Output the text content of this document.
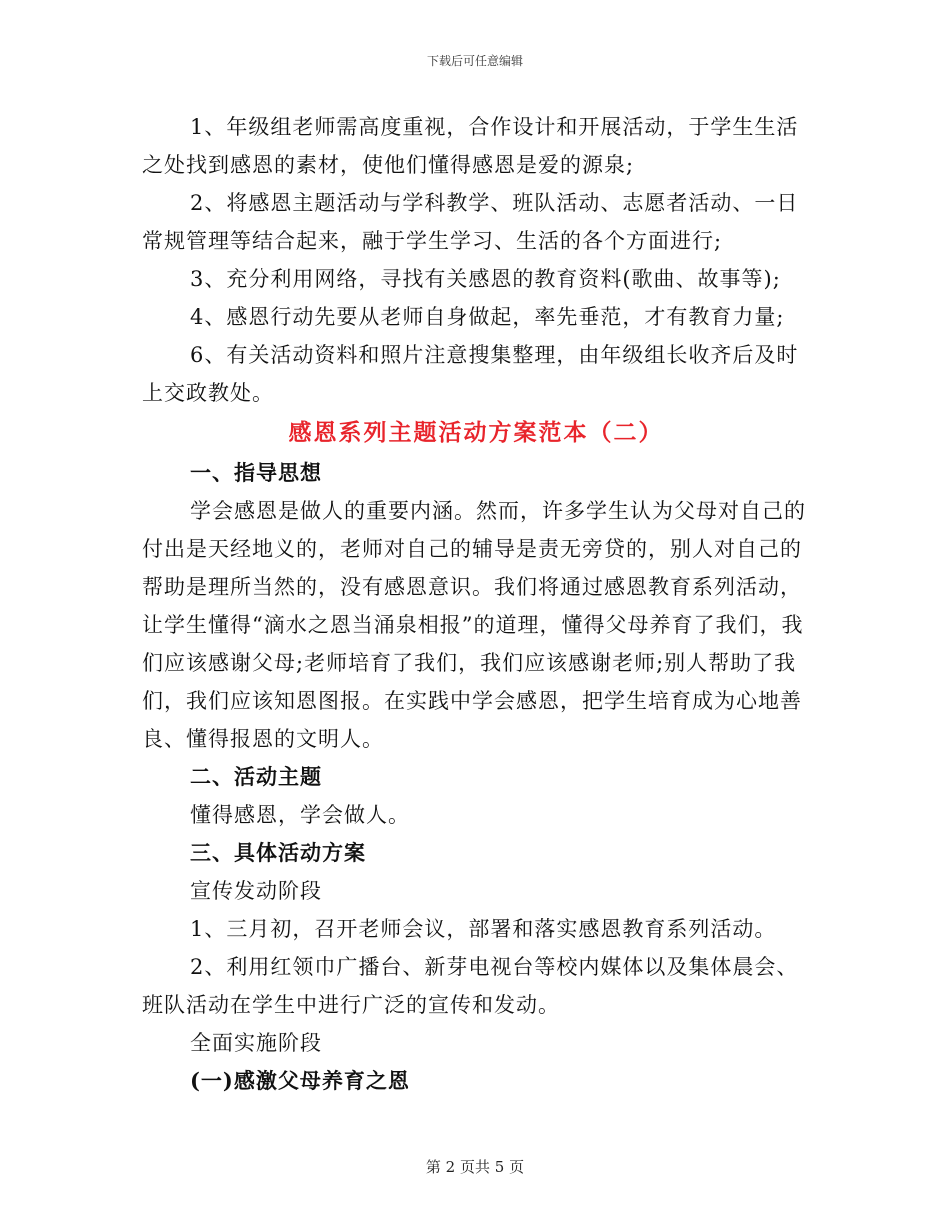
下载后可任意编辑

1、年级组老师需高度重视，合作设计和开展活动，于学生生活之处找到感恩的素材，使他们懂得感恩是爱的源泉;

2、将感恩主题活动与学科教学、班队活动、志愿者活动、一日常规管理等结合起来，融于学生学习、生活的各个方面进行;

3、充分利用网络，寻找有关感恩的教育资料(歌曲、故事等);

4、感恩行动先要从老师自身做起，率先垂范，才有教育力量;

6、有关活动资料和照片注意搜集整理，由年级组长收齐后及时上交政教处。

感恩系列主题活动方案范本（二）

一、指导思想

学会感恩是做人的重要内涵。然而，许多学生认为父母对自己的付出是天经地义的，老师对自己的辅导是责无旁贷的，别人对自己的帮助是理所当然的，没有感恩意识。我们将通过感恩教育系列活动，让学生懂得“滴水之恩当涌泉相报”的道理，懂得父母养育了我们，我们应该感谢父母;老师培育了我们，我们应该感谢老师;别人帮助了我们，我们应该知恩图报。在实践中学会感恩，把学生培育成为心地善良、懂得报恩的文明人。

二、活动主题

懂得感恩，学会做人。

三、具体活动方案

宣传发动阶段

1、三月初，召开老师会议，部署和落实感恩教育系列活动。

2、利用红领巾广播台、新芽电视台等校内媒体以及集体晨会、班队活动在学生中进行广泛的宣传和发动。

全面实施阶段

(一)感激父母养育之恩

第 2 页共 5 页
